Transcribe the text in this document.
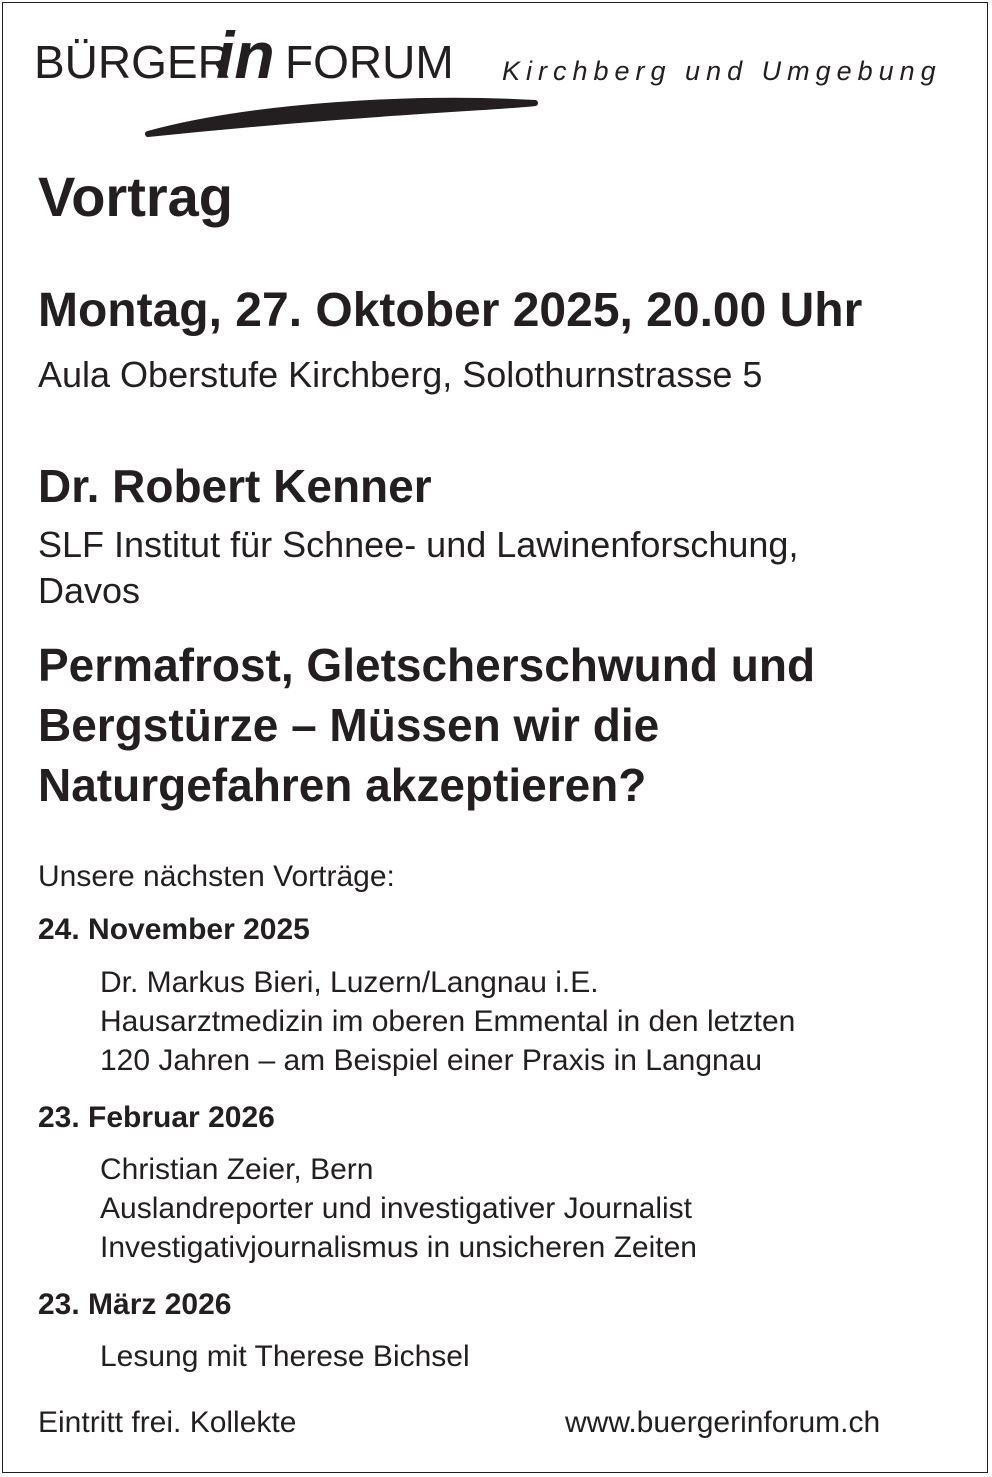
BÜRGER
in FORUM Kirchberg und Umgebung

Vortrag

Montag, 27. Oktober 2025, 20.00 Uhr

Aula Oberstufe Kirchberg, Solothurnstrasse 5

Dr. Robert Kenner

SLF Institut für Schnee- und Lawinenforschung,
Davos
Permafrost, Gletscherschwund und
Bergstürze – Müssen wir die
Naturgefahren akzeptieren?

Unsere nächsten Vorträge:

24. November 2025

Dr. Markus Bieri, Luzern/Langnau i.E.
Hausarztmedizin im oberen Emmental in den letzten
120 Jahren – am Beispiel einer Praxis in Langnau

23. Februar 2026

Christian Zeier, Bern
Auslandreporter und investigativer Journalist
Investigativjournalismus in unsicheren Zeiten

23. März 2026

Lesung mit Therese Bichsel

Eintritt frei. Kollekte	www.buergerinforum.ch
